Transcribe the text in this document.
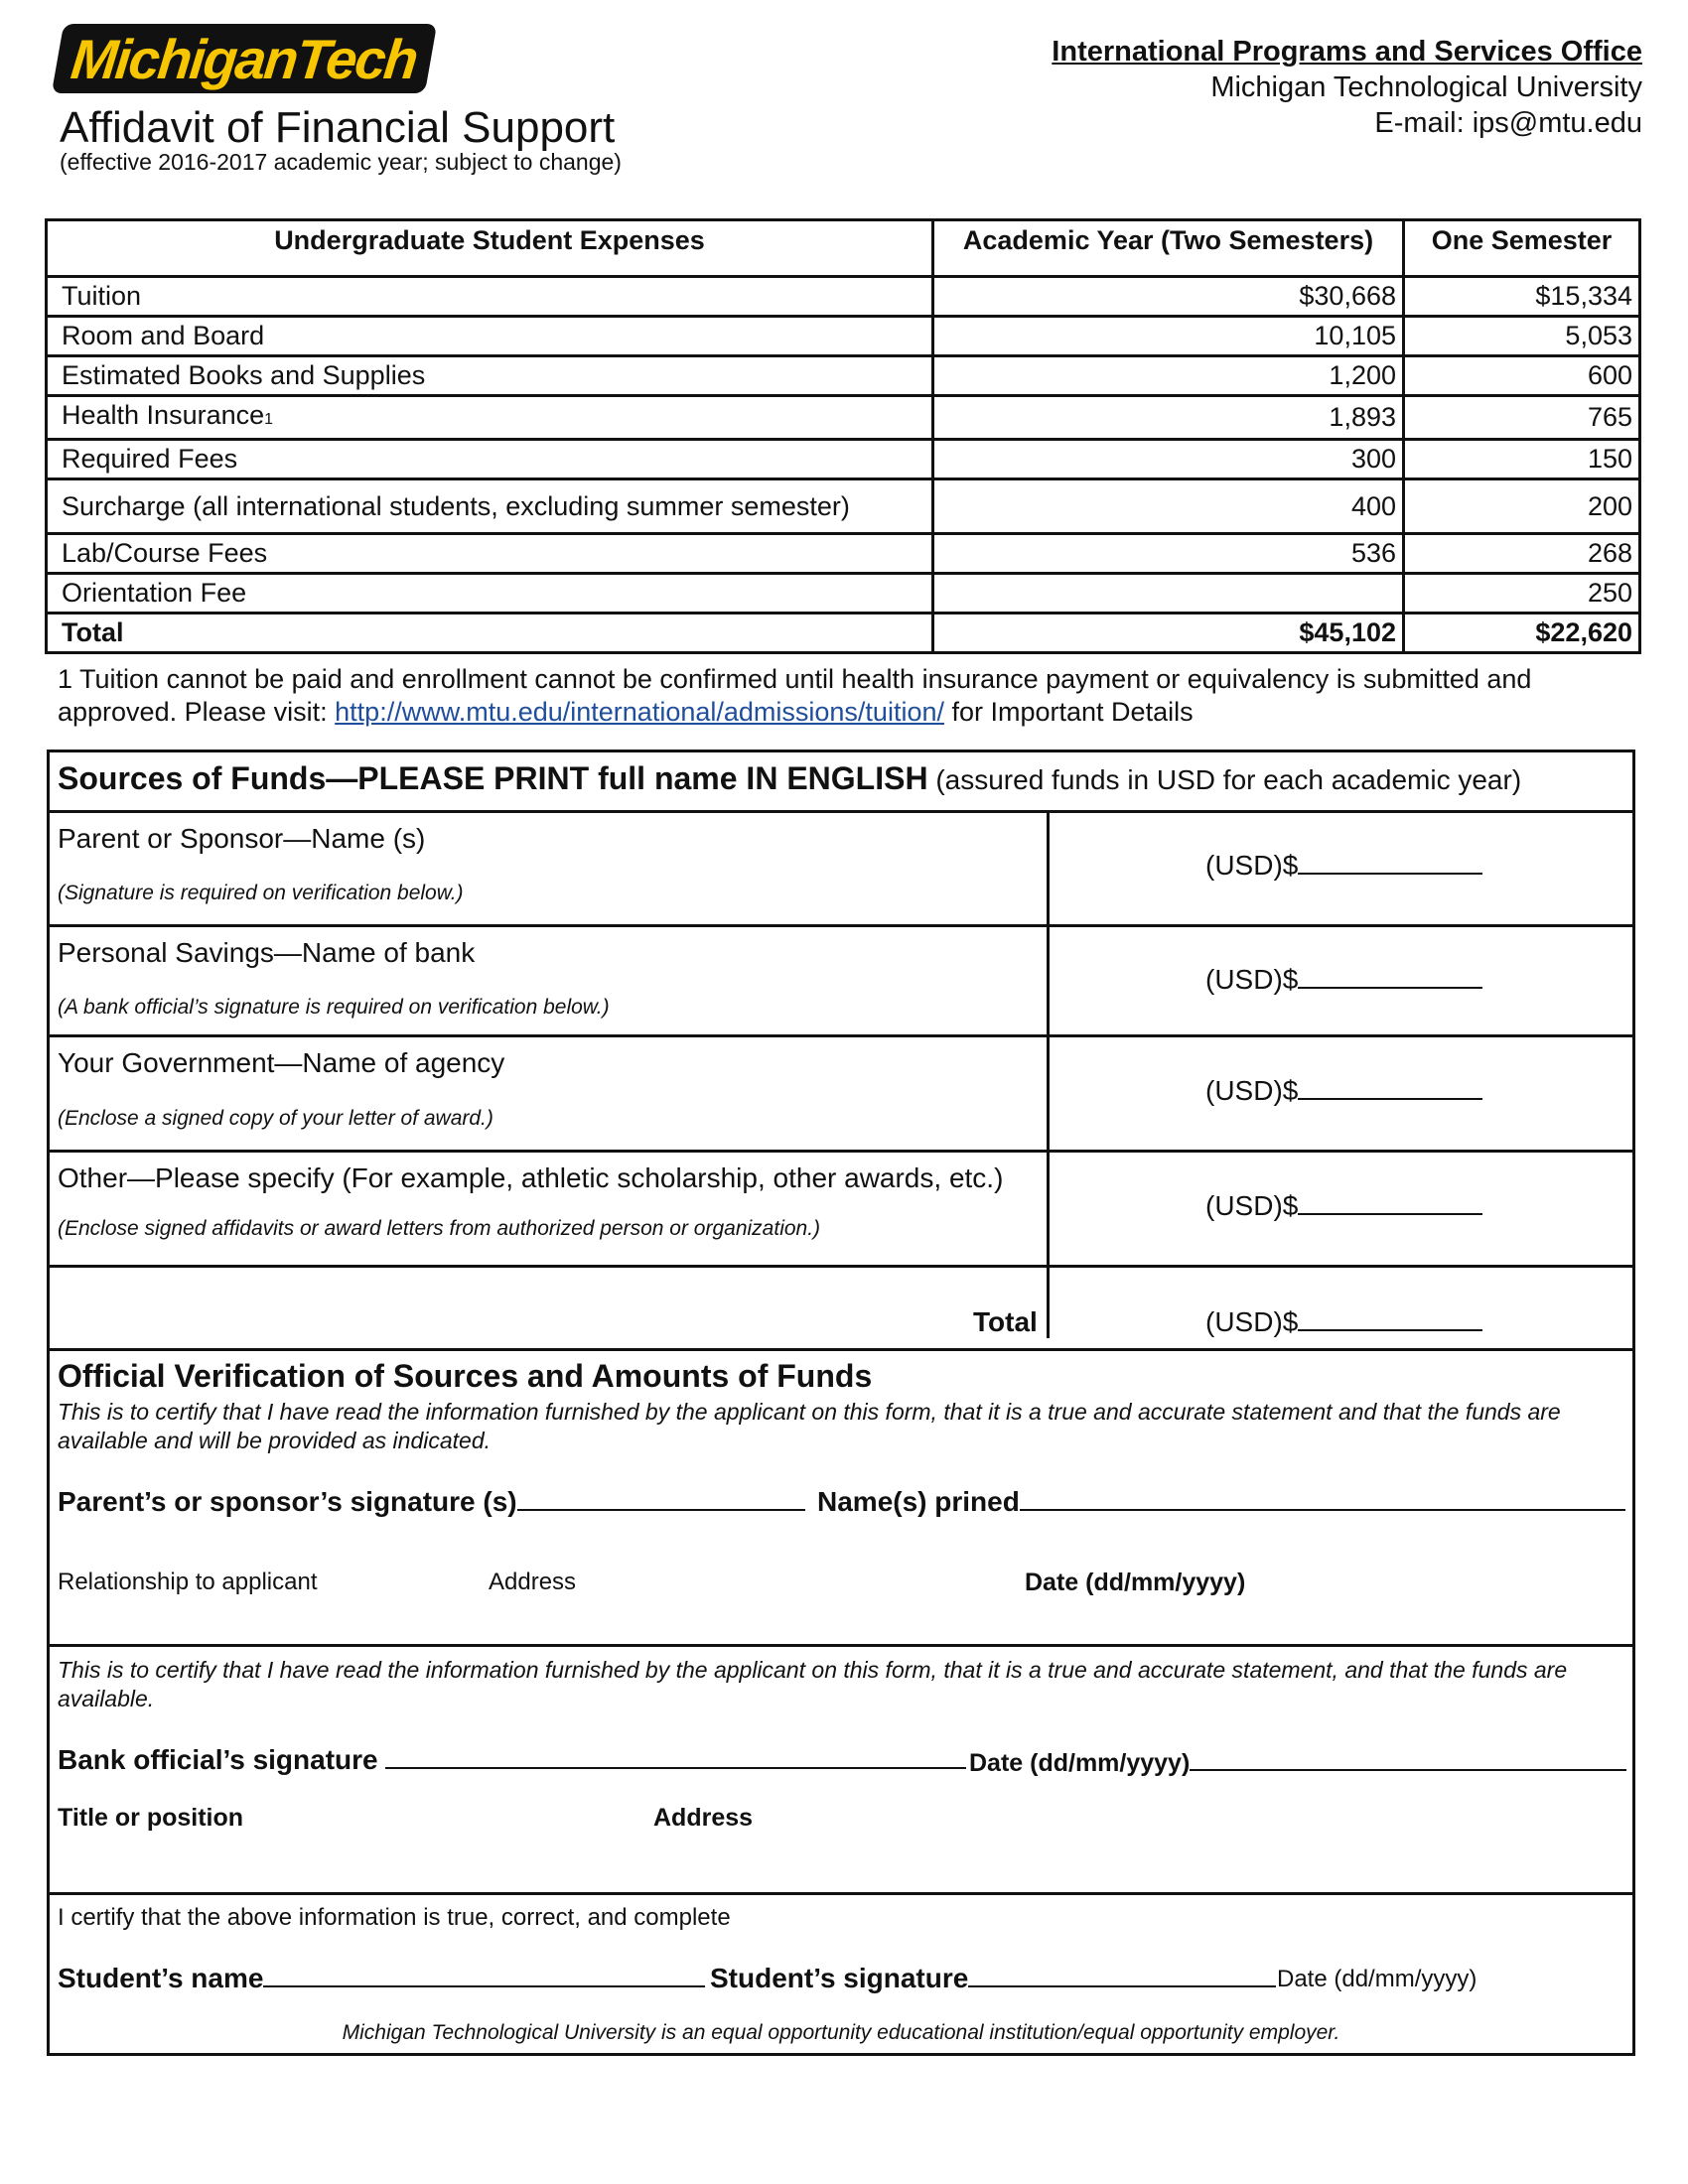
MichiganTech
Affidavit of Financial Support
(effective 2016-2017 academic year; subject to change)
International Programs and Services Office
Michigan Technological University
E-mail: ips@mtu.edu
Undergraduate Student Expenses	Academic Year (Two Semesters)	One Semester
Tuition	$30,668	$15,334
Room and Board	10,105	5,053
Estimated Books and Supplies	1,200	600
Health Insurance1	1,893	765
Required Fees	300	150
Surcharge (all international students, excluding summer semester)	400	200
Lab/Course Fees	536	268
Orientation Fee		250
Total	$45,102	$22,620
1 Tuition cannot be paid and enrollment cannot be confirmed until health insurance payment or equivalency is submitted and approved. Please visit: http://www.mtu.edu/international/admissions/tuition/ for Important Details
Sources of Funds—PLEASE PRINT full name IN ENGLISH (assured funds in USD for each academic year)
Parent or Sponsor—Name (s)
(Signature is required on verification below.)
(USD)$
Personal Savings—Name of bank
(A bank official’s signature is required on verification below.)
(USD)$
Your Government—Name of agency
(Enclose a signed copy of your letter of award.)
(USD)$
Other—Please specify (For example, athletic scholarship, other awards, etc.)
(Enclose signed affidavits or award letters from authorized person or organization.)
(USD)$
Total	(USD)$
Official Verification of Sources and Amounts of Funds
This is to certify that I have read the information furnished by the applicant on this form, that it is a true and accurate statement and that the funds are available and will be provided as indicated.
Parent’s or sponsor’s signature (s)	Name(s) prined
Relationship to applicant	Address	Date (dd/mm/yyyy)
This is to certify that I have read the information furnished by the applicant on this form, that it is a true and accurate statement, and that the funds are available.
Bank official’s signature	Date (dd/mm/yyyy)
Title or position	Address
I certify that the above information is true, correct, and complete
Student’s name	Student’s signature	Date (dd/mm/yyyy)
Michigan Technological University is an equal opportunity educational institution/equal opportunity employer.
